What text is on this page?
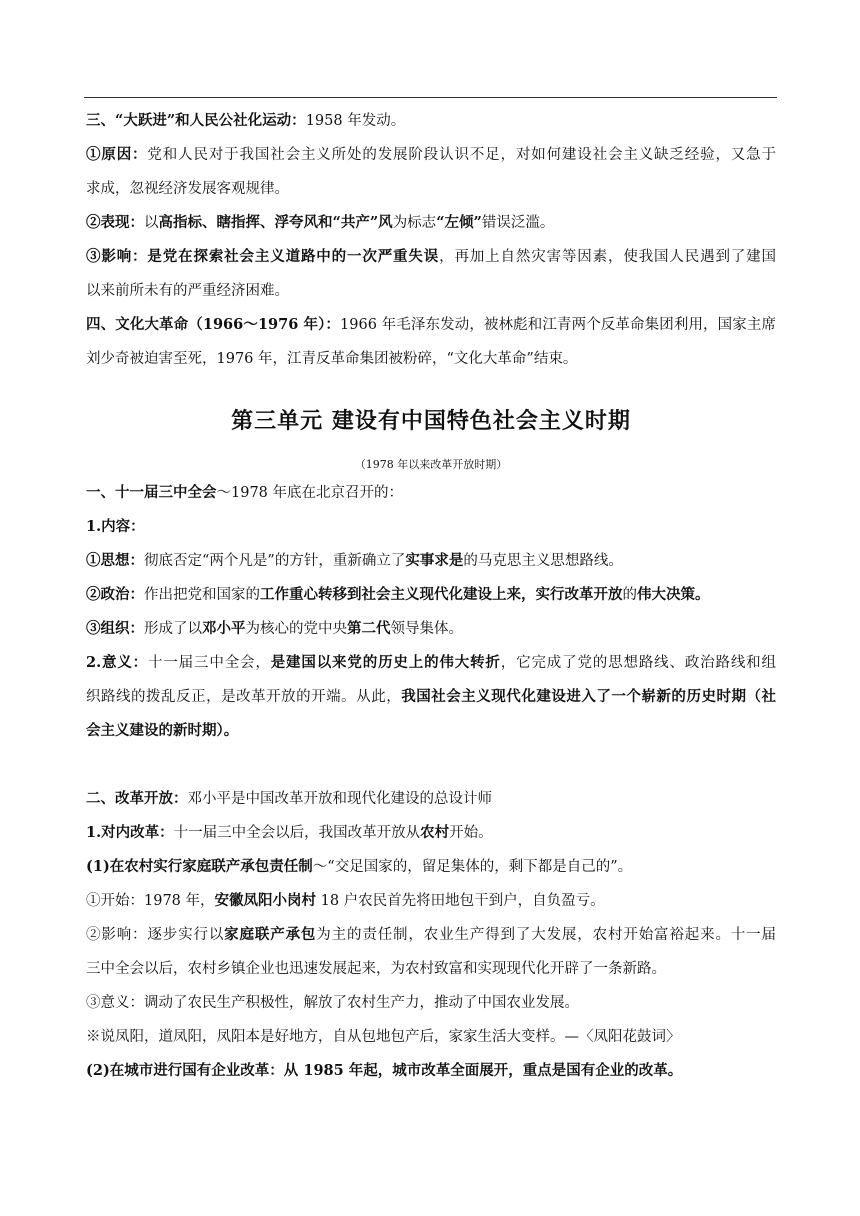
三、“大跃进”和人民公社化运动：1958 年发动。
①原因：党和人民对于我国社会主义所处的发展阶段认识不足，对如何建设社会主义缺乏经验，又急于
求成，忽视经济发展客观规律。
②表现：以高指标、瞎指挥、浮夸风和“共产”风为标志“左倾”错误泛滥。
③影响：是党在探索社会主义道路中的一次严重失误，再加上自然灾害等因素，使我国人民遇到了建国
以来前所未有的严重经济困难。
四、文化大革命（1966～1976 年）：1966 年毛泽东发动，被林彪和江青两个反革命集团利用，国家主席
刘少奇被迫害至死，1976 年，江青反革命集团被粉碎，“文化大革命”结束。
第三单元 建设有中国特色社会主义时期
（1978 年以来改革开放时期）
一、十一届三中全会～1978 年底在北京召开的：
1.内容：
①思想：彻底否定“两个凡是”的方针，重新确立了实事求是的马克思主义思想路线。
②政治：作出把党和国家的工作重心转移到社会主义现代化建设上来，实行改革开放的伟大决策。
③组织：形成了以邓小平为核心的党中央第二代领导集体。
2.意义：十一届三中全会，是建国以来党的历史上的伟大转折，它完成了党的思想路线、政治路线和组
织路线的拨乱反正，是改革开放的开端。从此，我国社会主义现代化建设进入了一个崭新的历史时期（社
会主义建设的新时期）。
二、改革开放：邓小平是中国改革开放和现代化建设的总设计师
1.对内改革：十一届三中全会以后，我国改革开放从农村开始。
(1)在农村实行家庭联产承包责任制～“交足国家的，留足集体的，剩下都是自己的”。
①开始：1978 年，安徽凤阳小岗村 18 户农民首先将田地包干到户，自负盈亏。
②影响：逐步实行以家庭联产承包为主的责任制，农业生产得到了大发展，农村开始富裕起来。十一届
三中全会以后，农村乡镇企业也迅速发展起来，为农村致富和实现现代化开辟了一条新路。
③意义：调动了农民生产积极性，解放了农村生产力，推动了中国农业发展。
※说凤阳，道凤阳，凤阳本是好地方，自从包地包产后，家家生活大变样。—〈凤阳花鼓词〉
(2)在城市进行国有企业改革：从 1985 年起，城市改革全面展开，重点是国有企业的改革。
